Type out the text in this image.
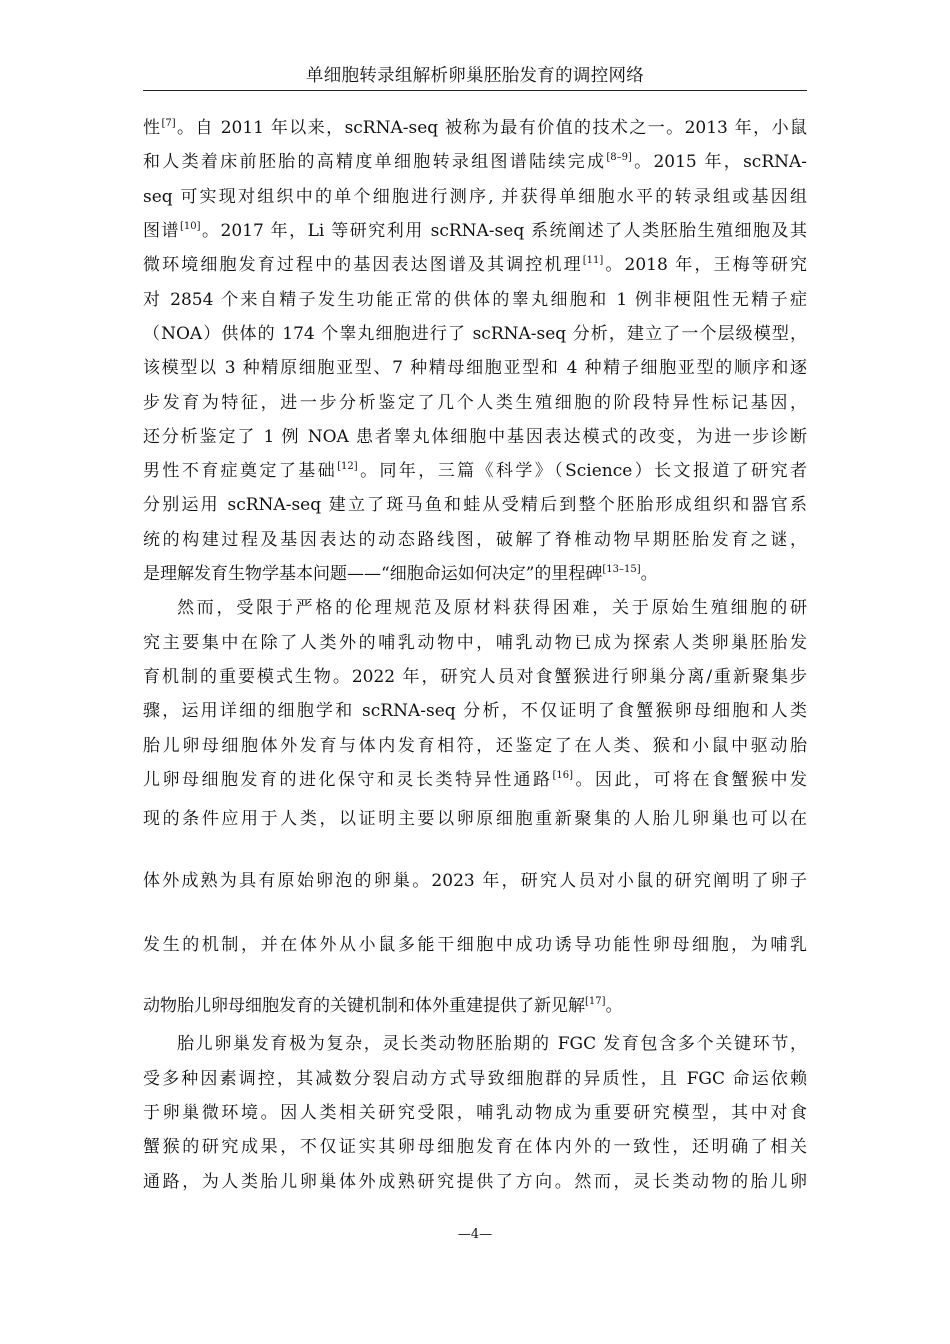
单细胞转录组解析卵巢胚胎发育的调控网络
性[7]。自 2011 年以来，scRNA-seq 被称为最有价值的技术之一。2013 年，小鼠
和人类着床前胚胎的高精度单细胞转录组图谱陆续完成[8–9]。2015 年，scRNA-
seq 可实现对组织中的单个细胞进行测序, 并获得单细胞水平的转录组或基因组
图谱[10]。2017 年，Li 等研究利用 scRNA-seq 系统阐述了人类胚胎生殖细胞及其
微环境细胞发育过程中的基因表达图谱及其调控机理[11]。2018 年，王梅等研究
对 2854 个来自精子发生功能正常的供体的睾丸细胞和 1 例非梗阻性无精子症
（NOA）供体的 174 个睾丸细胞进行了 scRNA-seq 分析，建立了一个层级模型，
该模型以 3 种精原细胞亚型、7 种精母细胞亚型和 4 种精子细胞亚型的顺序和逐
步发育为特征，进一步分析鉴定了几个人类生殖细胞的阶段特异性标记基因，
还分析鉴定了 1 例 NOA 患者睾丸体细胞中基因表达模式的改变，为进一步诊断
男性不育症奠定了基础[12]。同年，三篇《科学》（Science）长文报道了研究者
分别运用 scRNA-seq 建立了斑马鱼和蛙从受精后到整个胚胎形成组织和器官系
统的构建过程及基因表达的动态路线图，破解了脊椎动物早期胚胎发育之谜，
是理解发育生物学基本问题——“细胞命运如何决定”的里程碑[13–15]。
然而，受限于严格的伦理规范及原材料获得困难，关于原始生殖细胞的研
究主要集中在除了人类外的哺乳动物中，哺乳动物已成为探索人类卵巢胚胎发
育机制的重要模式生物。2022 年，研究人员对食蟹猴进行卵巢分离/重新聚集步
骤，运用详细的细胞学和 scRNA-seq 分析，不仅证明了食蟹猴卵母细胞和人类
胎儿卵母细胞体外发育与体内发育相符，还鉴定了在人类、猴和小鼠中驱动胎
儿卵母细胞发育的进化保守和灵长类特异性通路[16]。因此，可将在食蟹猴中发
现的条件应用于人类，以证明主要以卵原细胞重新聚集的人胎儿卵巢也可以在
体外成熟为具有原始卵泡的卵巢。2023 年，研究人员对小鼠的研究阐明了卵子
发生的机制，并在体外从小鼠多能干细胞中成功诱导功能性卵母细胞，为哺乳
动物胎儿卵母细胞发育的关键机制和体外重建提供了新见解[17]。
胎儿卵巢发育极为复杂，灵长类动物胚胎期的 FGC 发育包含多个关键环节，
受多种因素调控，其减数分裂启动方式导致细胞群的异质性，且 FGC 命运依赖
于卵巢微环境。因人类相关研究受限，哺乳动物成为重要研究模型，其中对食
蟹猴的研究成果，不仅证实其卵母细胞发育在体内外的一致性，还明确了相关
通路，为人类胎儿卵巢体外成熟研究提供了方向。然而，灵长类动物的胎儿卵
—4—
